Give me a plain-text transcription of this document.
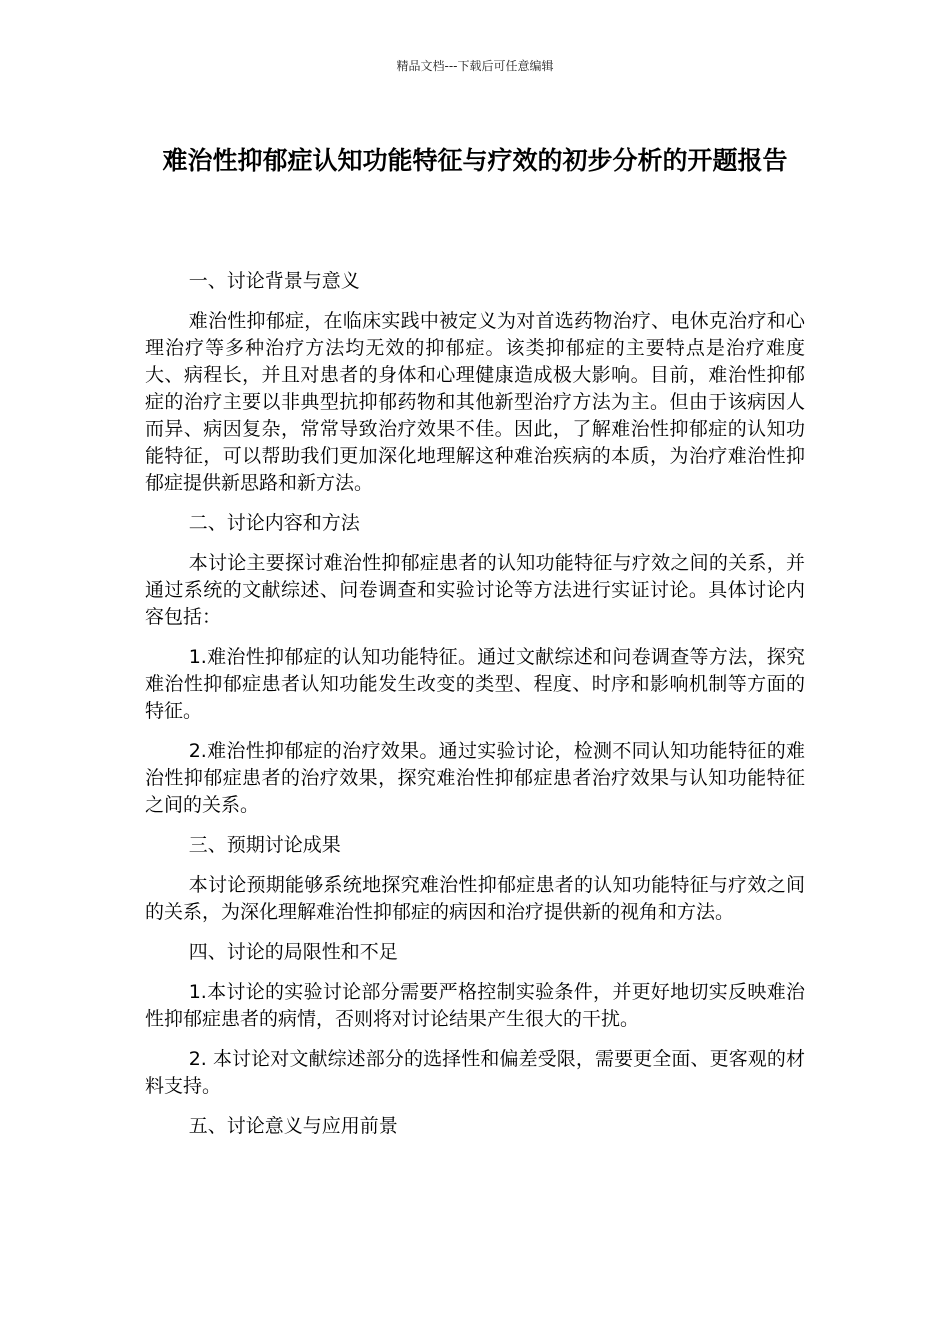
精品文档---下载后可任意编辑
难治性抑郁症认知功能特征与疗效的初步分析的开题报告
一、讨论背景与意义
难治性抑郁症，在临床实践中被定义为对首选药物治疗、电休克治疗和心理治疗等多种治疗方法均无效的抑郁症。该类抑郁症的主要特点是治疗难度大、病程长，并且对患者的身体和心理健康造成极大影响。目前，难治性抑郁症的治疗主要以非典型抗抑郁药物和其他新型治疗方法为主。但由于该病因人而异、病因复杂，常常导致治疗效果不佳。因此，了解难治性抑郁症的认知功能特征，可以帮助我们更加深化地理解这种难治疾病的本质，为治疗难治性抑郁症提供新思路和新方法。
二、讨论内容和方法
本讨论主要探讨难治性抑郁症患者的认知功能特征与疗效之间的关系，并通过系统的文献综述、问卷调查和实验讨论等方法进行实证讨论。具体讨论内容包括：
1.难治性抑郁症的认知功能特征。通过文献综述和问卷调查等方法，探究难治性抑郁症患者认知功能发生改变的类型、程度、时序和影响机制等方面的特征。
2.难治性抑郁症的治疗效果。通过实验讨论，检测不同认知功能特征的难治性抑郁症患者的治疗效果，探究难治性抑郁症患者治疗效果与认知功能特征之间的关系。
三、预期讨论成果
本讨论预期能够系统地探究难治性抑郁症患者的认知功能特征与疗效之间的关系，为深化理解难治性抑郁症的病因和治疗提供新的视角和方法。
四、讨论的局限性和不足
1.本讨论的实验讨论部分需要严格控制实验条件，并更好地切实反映难治性抑郁症患者的病情，否则将对讨论结果产生很大的干扰。
2. 本讨论对文献综述部分的选择性和偏差受限，需要更全面、更客观的材料支持。
五、讨论意义与应用前景
